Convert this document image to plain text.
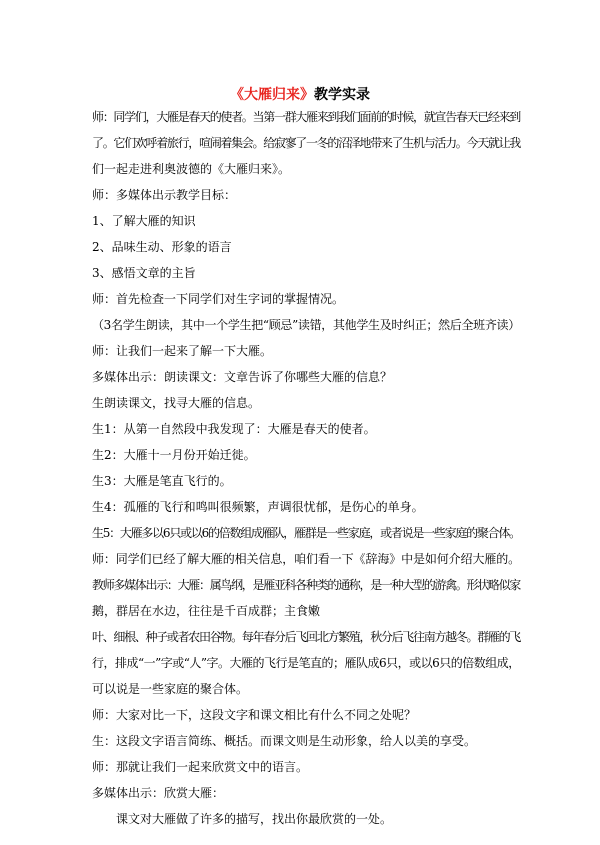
《大雁归来》教学实录
师：同学们，大雁是春天的使者。当第一群大雁来到我们面前的时候，就宣告春天已经来到
了。它们欢呼着旅行，喧闹着集会。给寂寥了一冬的沼泽地带来了生机与活力。今天就让我
们一起走进利奥波德的《大雁归来》。
师：多媒体出示教学目标：
1、了解大雁的知识
2、品味生动、形象的语言
3、感悟文章的主旨
师：首先检查一下同学们对生字词的掌握情况。
（3名学生朗读，其中一个学生把“顾忌”读错，其他学生及时纠正；然后全班齐读）
师：让我们一起来了解一下大雁。
多媒体出示：朗读课文：文章告诉了你哪些大雁的信息？
生朗读课文，找寻大雁的信息。
生1：从第一自然段中我发现了：大雁是春天的使者。
生2：大雁十一月份开始迁徙。
生3：大雁是笔直飞行的。
生4：孤雁的飞行和鸣叫很频繁，声调很忧郁，是伤心的单身。
生5：大雁多以6只或以6的倍数组成雁队，雁群是一些家庭，或者说是一些家庭的聚合体。
师：同学们已经了解大雁的相关信息，咱们看一下《辞海》中是如何介绍大雁的。
教师多媒体出示：大雁：属鸟纲，是雁亚科各种类的通称，是一种大型的游禽。形状略似家
鹅，群居在水边，往往是千百成群；主食嫩
叶、细根、种子或者农田谷物。每年春分后飞回北方繁殖，秋分后飞往南方越冬。群雁的飞
行，排成“一”字或“人”字。大雁的飞行是笔直的；雁队成6只，或以6只的倍数组成，
可以说是一些家庭的聚合体。
师：大家对比一下，这段文字和课文相比有什么不同之处呢？
生：这段文字语言简练、概括。而课文则是生动形象，给人以美的享受。
师：那就让我们一起来欣赏文中的语言。
多媒体出示：欣赏大雁：
　　课文对大雁做了许多的描写，找出你最欣赏的一处。
